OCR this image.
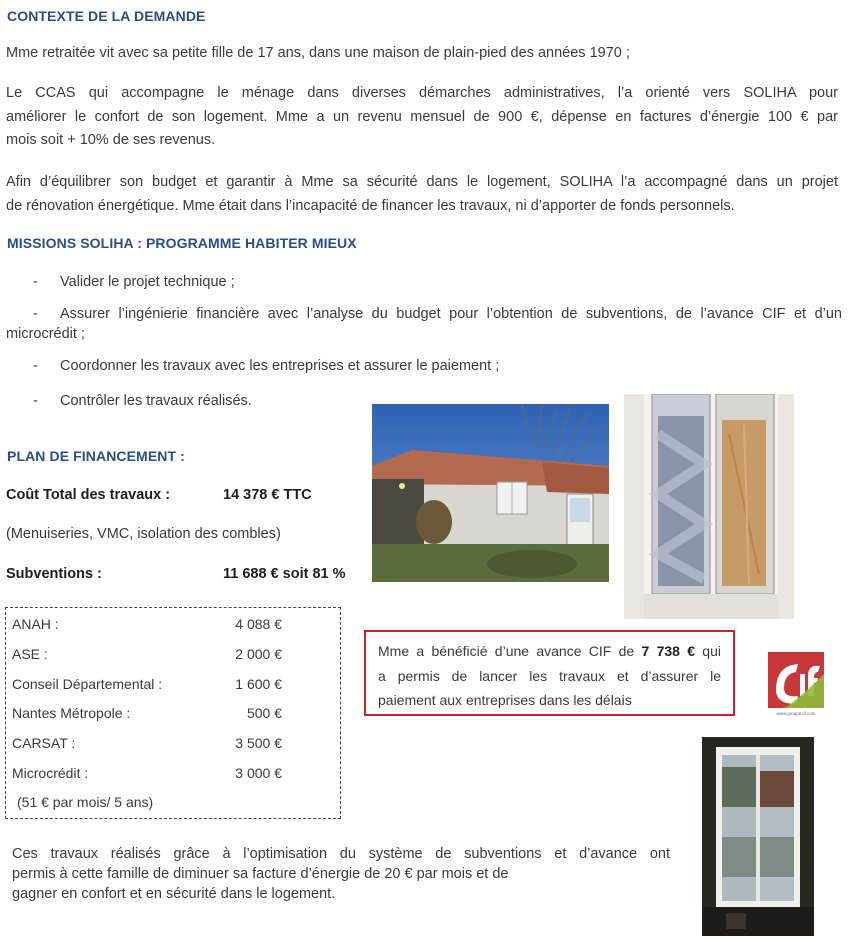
CONTEXTE DE LA DEMANDE

Mme retraitée vit avec sa petite fille de 17 ans, dans une maison de plain-pied des années 1970 ;

Le CCAS qui accompagne le ménage dans diverses démarches administratives, l’a orienté vers SOLIHA pour
améliorer le confort de son logement. Mme a un revenu mensuel de 900 €, dépense en factures d’énergie 100 € par
mois soit + 10% de ses revenus.
Afin d’équilibrer son budget et garantir à Mme sa sécurité dans le logement, SOLIHA l’a accompagné dans un projet
de rénovation énergétique. Mme était dans l’incapacité de financer les travaux, ni d’apporter de fonds personnels.
MISSIONS SOLIHA : PROGRAMME HABITER MIEUX
- Valider le projet technique ;
- Assurer l’ingénierie financière avec l’analyse du budget pour l’obtention de subventions, de l’avance CIF et d’un microcrédit ;
- Coordonner les travaux avec les entreprises et assurer le paiement ;
- Contrôler les travaux réalisés.
PLAN DE FINANCEMENT :
Coût Total des travaux :	14 378 € TTC
(Menuiseries, VMC, isolation des combles)
Subventions :	11 688 € soit 81 %
ANAH :	4 088 €
ASE :	2 000 €
Conseil Départemental :	1 600 €
Nantes Métropole :	500 €
CARSAT :	3 500 €
Microcrédit :	3 000 €
(51 € par mois/ 5 ans)
Mme a bénéficié d’une avance CIF de 7 738 € qui
a permis de lancer les travaux et d’assurer le
paiement aux entreprises dans les délais
Ces travaux réalisés grâce à l’optimisation du système de subventions et d’avance ont
permis à cette famille de diminuer sa facture d’énergie de 20 € par mois et de
gagner en confort et en sécurité dans le logement.
www.groupecif.com
